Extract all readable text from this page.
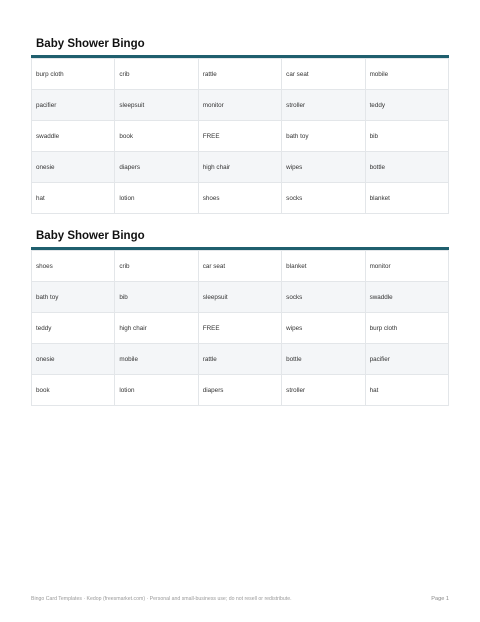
Baby Shower Bingo
burp cloth	crib	rattle	car seat	mobile
pacifier	sleepsuit	monitor	stroller	teddy
swaddle	book	FREE	bath toy	bib
onesie	diapers	high chair	wipes	bottle
hat	lotion	shoes	socks	blanket
Baby Shower Bingo
shoes	crib	car seat	blanket	monitor
bath toy	bib	sleepsuit	socks	swaddle
teddy	high chair	FREE	wipes	burp cloth
onesie	mobile	rattle	bottle	pacifier
book	lotion	diapers	stroller	hat
Bingo Card Templates · Kedop (freesmarket.com) · Personal and small-business use; do not resell or redistribute.	Page 1
